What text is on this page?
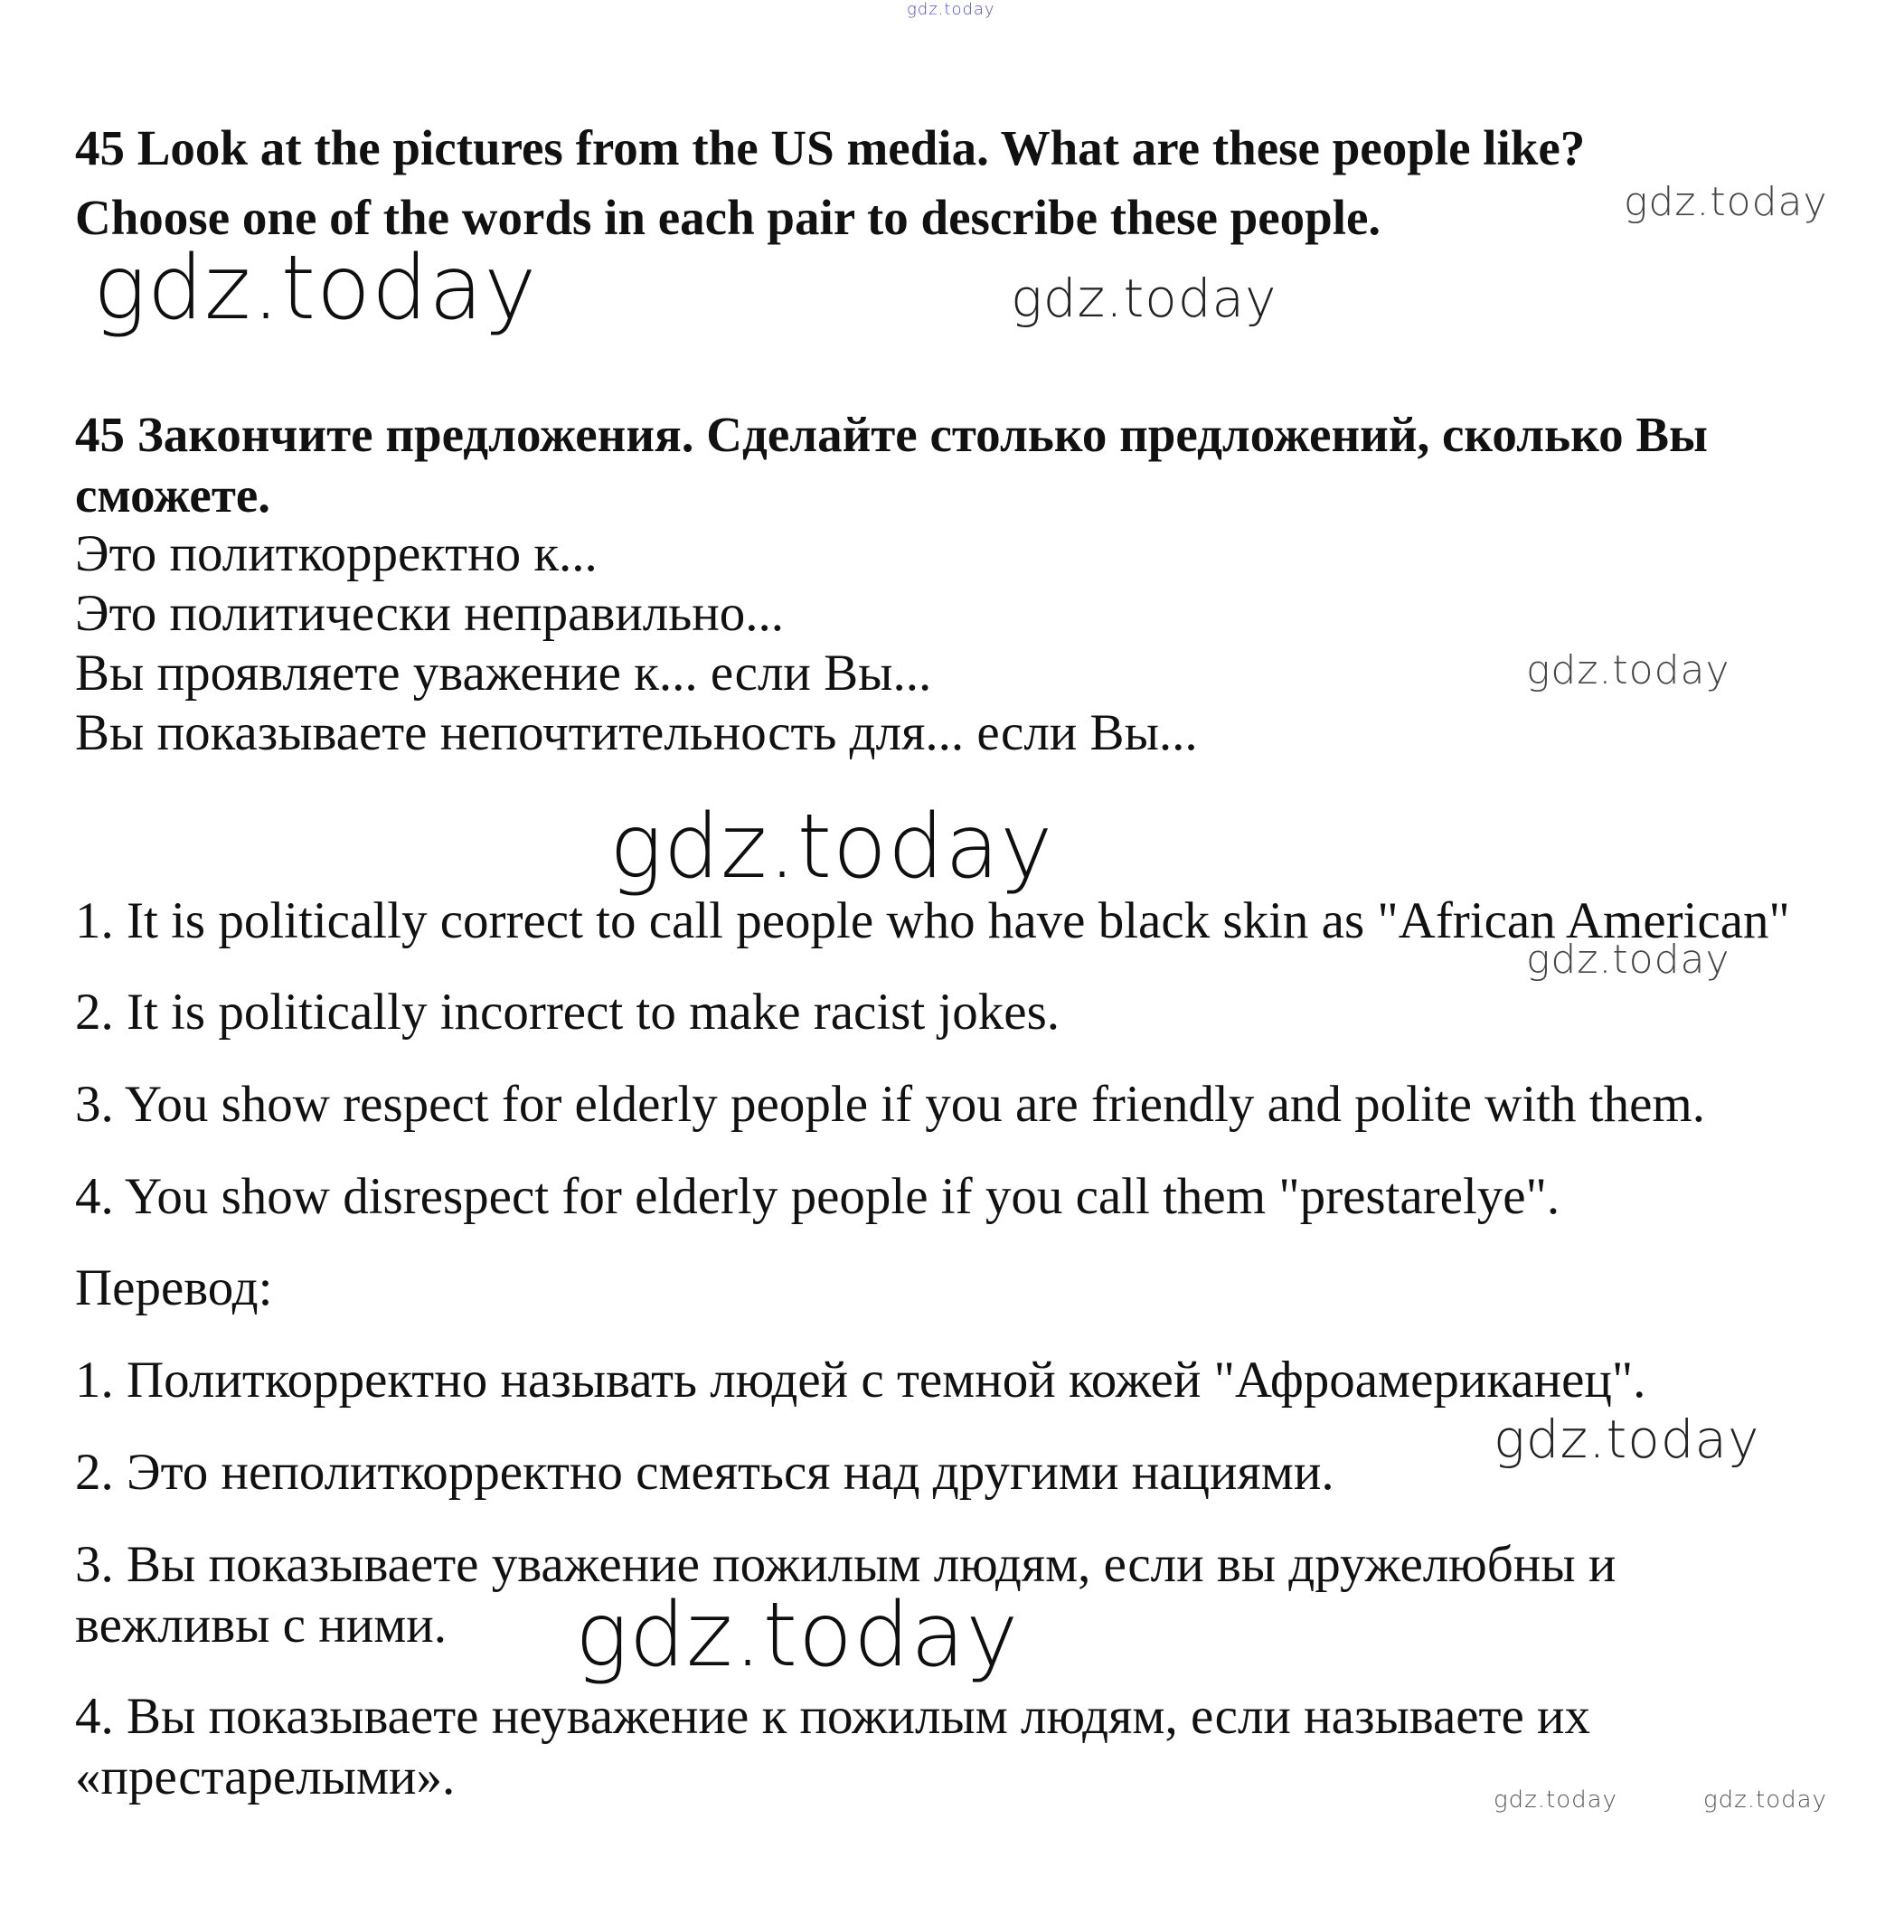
gdz.today
gdz.today
gdz.today	gdz.today
gdz.today
gdz.today
gdz.today
gdz.today
gdz.today
gdz.today	gdz.today
45 Look at the pictures from the US media. What are these people like?
Choose one of the words in each pair to describe these people.
45 Закончите предложения. Сделайте столько предложений, сколько Вы
сможете.
Это политкорректно к...
Это политически неправильно...
Вы проявляете уважение к... если Вы...
Вы показываете непочтительность для... если Вы...
1. It is politically correct to call people who have black skin as "African American"
2. It is politically incorrect to make racist jokes.
3. You show respect for elderly people if you are friendly and polite with them.
4. You show disrespect for elderly people if you call them "prestarelye".
Перевод:
1. Политкорректно называть людей с темной кожей "Афроамериканец".
2. Это неполиткорректно смеяться над другими нациями.
3. Вы показываете уважение пожилым людям, если вы дружелюбны и
вежливы с ними.
4. Вы показываете неуважение к пожилым людям, если называете их
«престарелыми».
